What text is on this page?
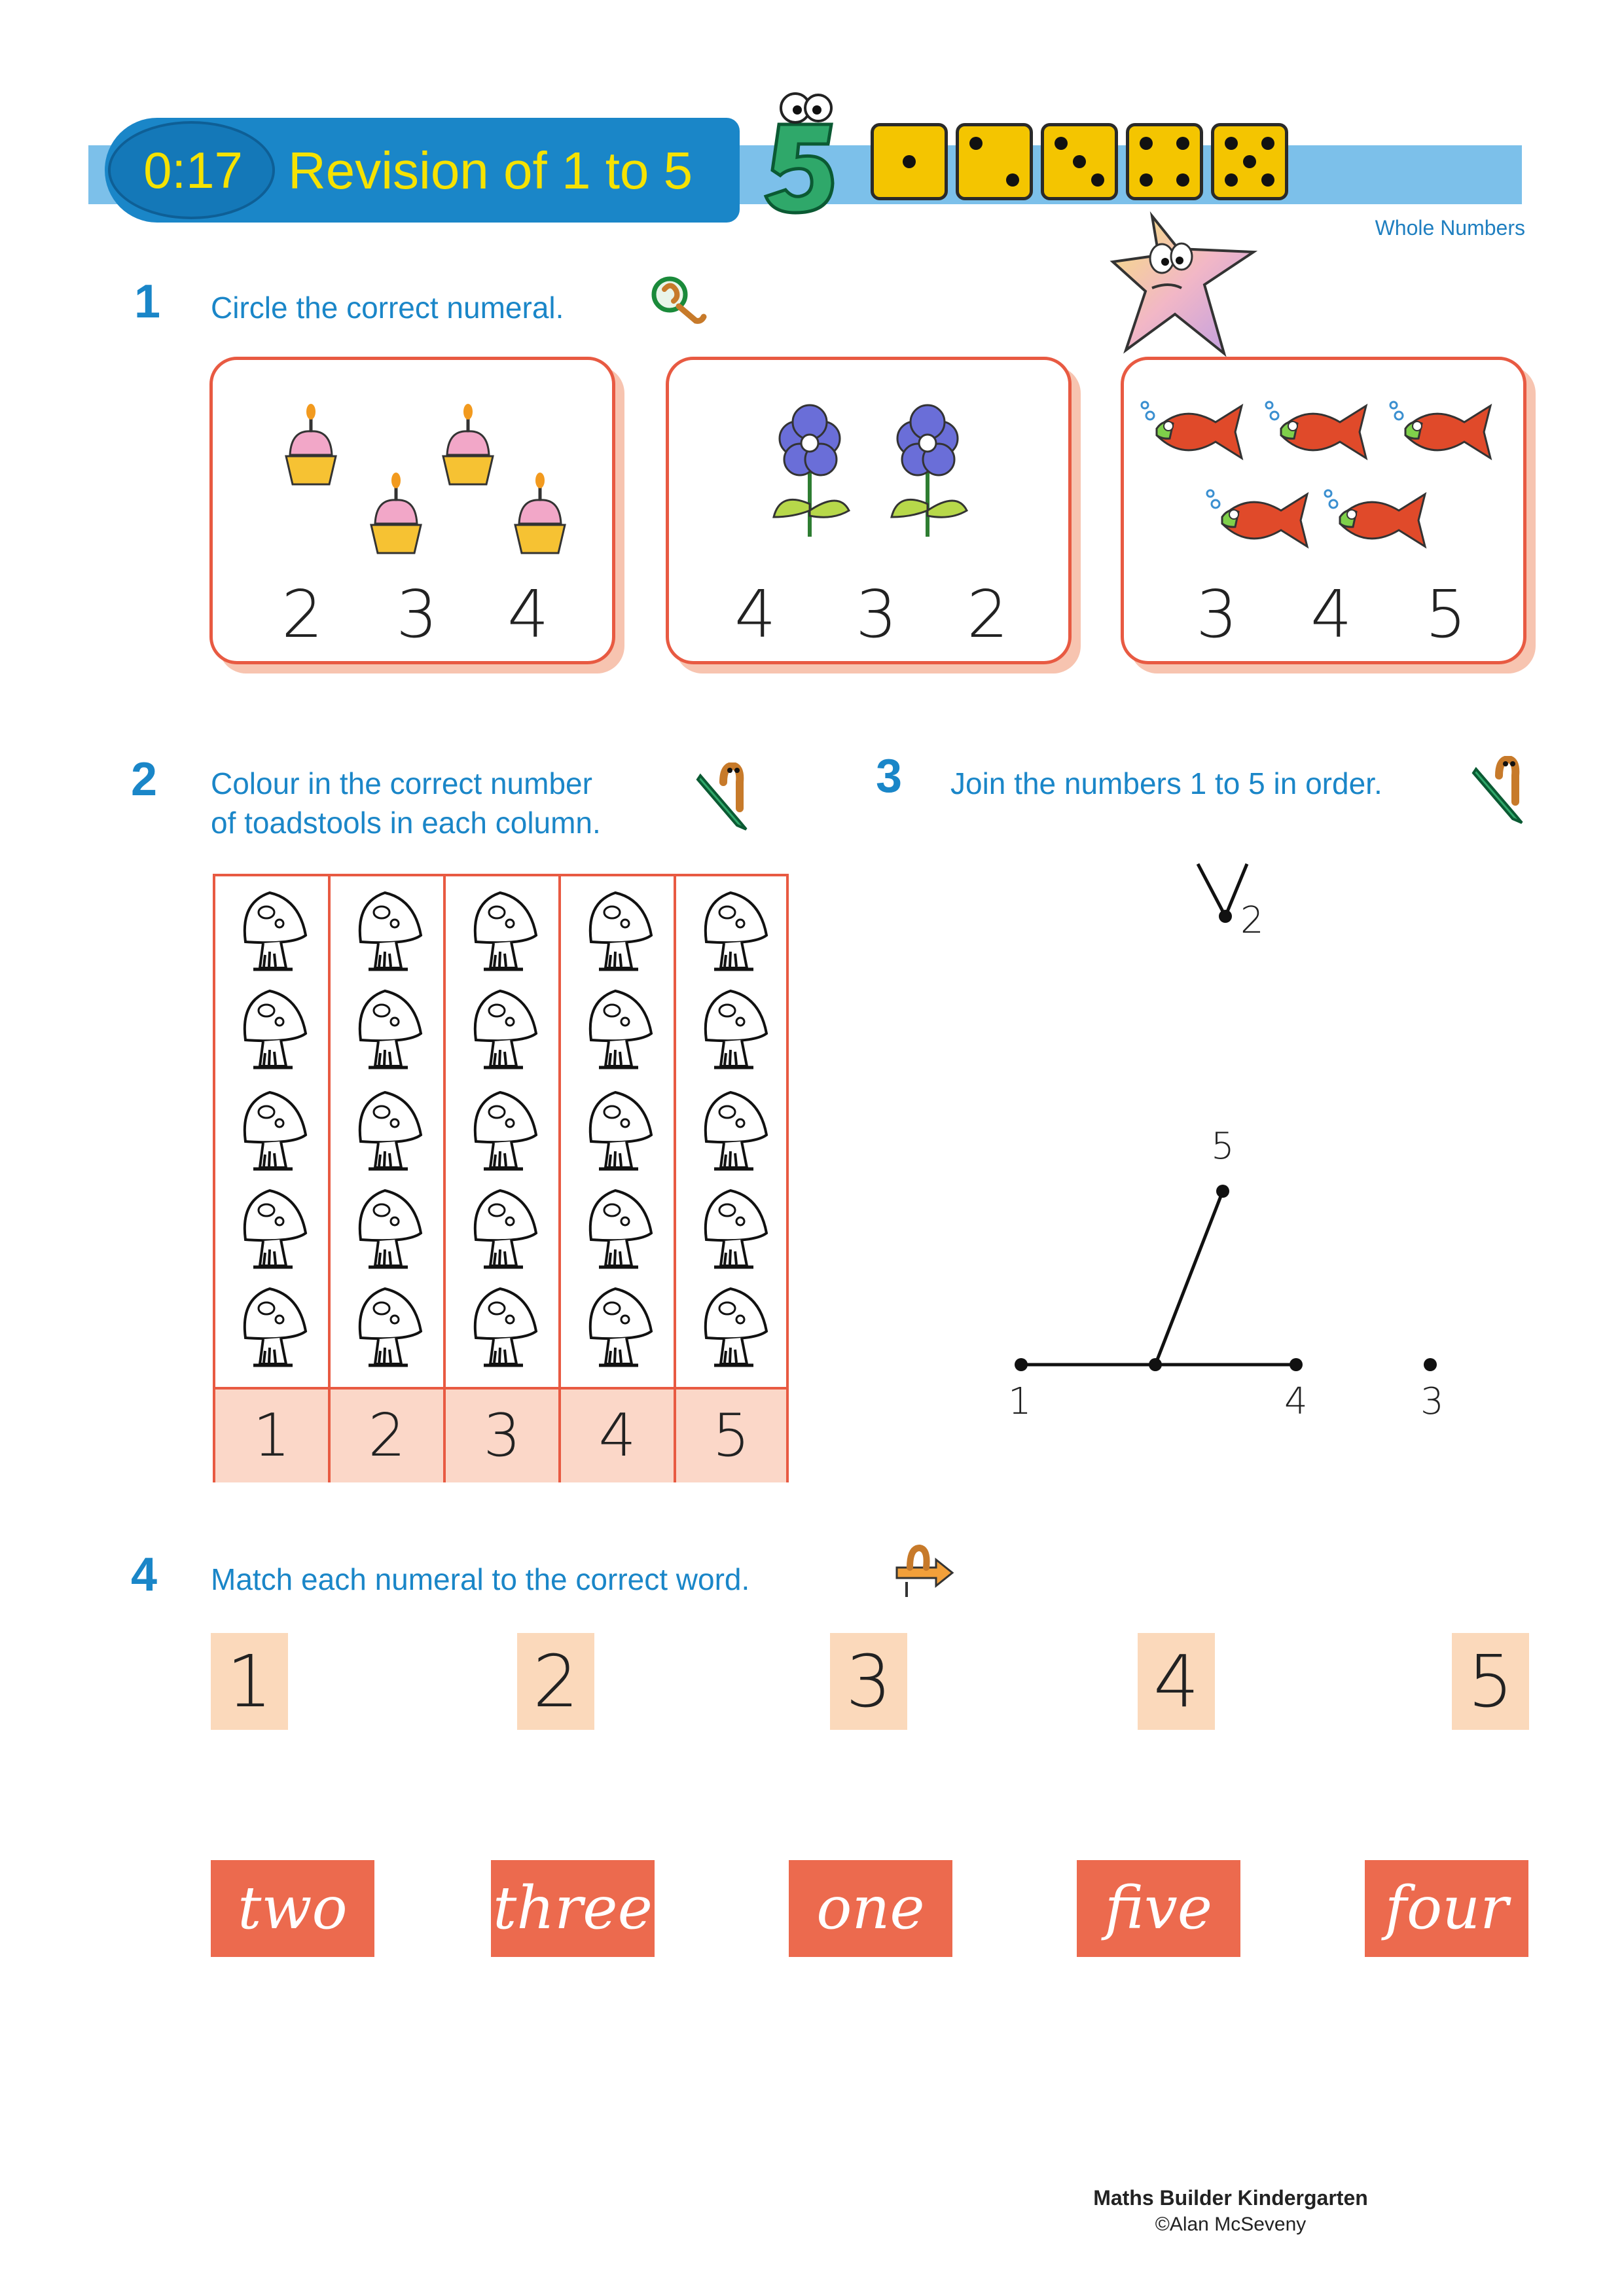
0:17 Revision of 1 to 5
Whole Numbers
1 Circle the correct numeral.
2 3 4	4 3 2	3 4 5
2 Colour in the correct number
of toadstools in each column.
1	2	3	4	5
3 Join the numbers 1 to 5 in order.
2
5
1	4	3
4 Match each numeral to the correct word.
1	2	3	4	5
two	three	one	five	four
Maths Builder Kindergarten
©Alan McSeveny
